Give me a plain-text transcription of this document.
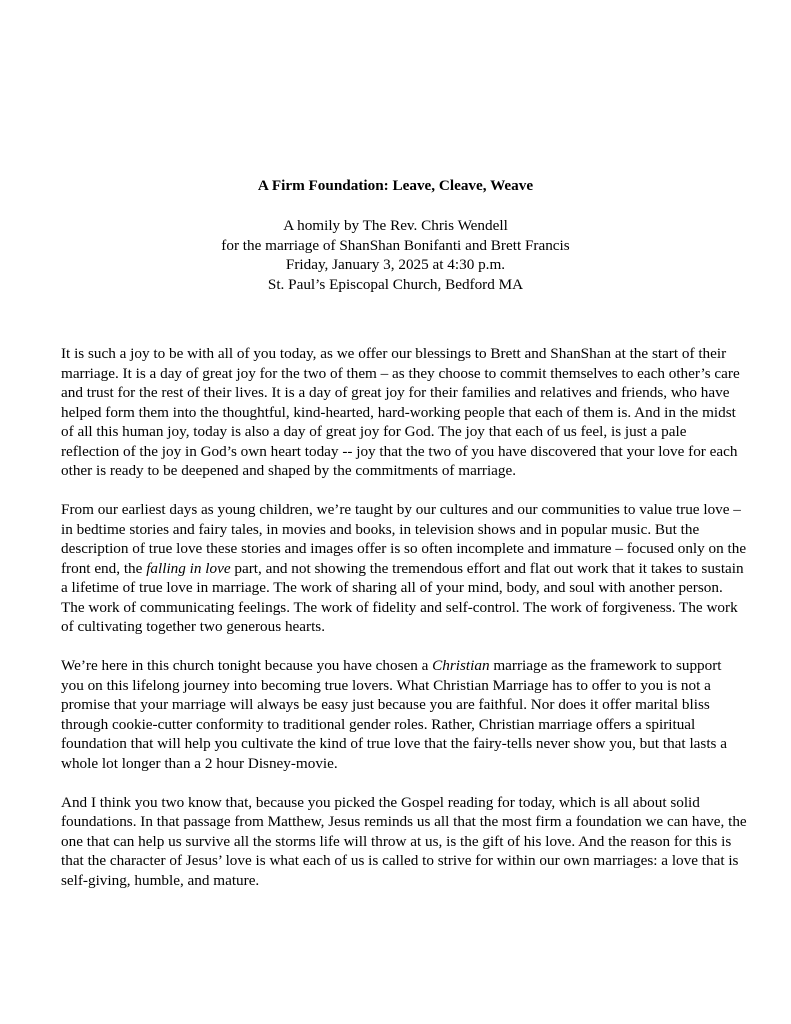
A Firm Foundation: Leave, Cleave, Weave
A homily by The Rev. Chris Wendell
for the marriage of ShanShan Bonifanti and Brett Francis
Friday, January 3, 2025 at 4:30 p.m.
St. Paul’s Episcopal Church, Bedford MA

It is such a joy to be with all of you today, as we offer our blessings to Brett and ShanShan at the start of their marriage. It is a day of great joy for the two of them – as they choose to commit themselves to each other’s care and trust for the rest of their lives. It is a day of great joy for their families and relatives and friends, who have helped form them into the thoughtful, kind-hearted, hard-working people that each of them is. And in the midst of all this human joy, today is also a day of great joy for God. The joy that each of us feel, is just a pale reflection of the joy in God’s own heart today -- joy that the two of you have discovered that your love for each other is ready to be deepened and shaped by the commitments of marriage.

From our earliest days as young children, we’re taught by our cultures and our communities to value true love – in bedtime stories and fairy tales, in movies and books, in television shows and in popular music. But the description of true love these stories and images offer is so often incomplete and immature – focused only on the front end, the falling in love part, and not showing the tremendous effort and flat out work that it takes to sustain a lifetime of true love in marriage. The work of sharing all of your mind, body, and soul with another person. The work of communicating feelings. The work of fidelity and self-control. The work of forgiveness. The work of cultivating together two generous hearts.

We’re here in this church tonight because you have chosen a Christian marriage as the framework to support you on this lifelong journey into becoming true lovers. What Christian Marriage has to offer to you is not a promise that your marriage will always be easy just because you are faithful. Nor does it offer marital bliss through cookie-cutter conformity to traditional gender roles. Rather, Christian marriage offers a spiritual foundation that will help you cultivate the kind of true love that the fairy-tells never show you, but that lasts a whole lot longer than a 2 hour Disney-movie.

And I think you two know that, because you picked the Gospel reading for today, which is all about solid foundations. In that passage from Matthew, Jesus reminds us all that the most firm a foundation we can have, the one that can help us survive all the storms life will throw at us, is the gift of his love. And the reason for this is that the character of Jesus’ love is what each of us is called to strive for within our own marriages: a love that is self-giving, humble, and mature.
